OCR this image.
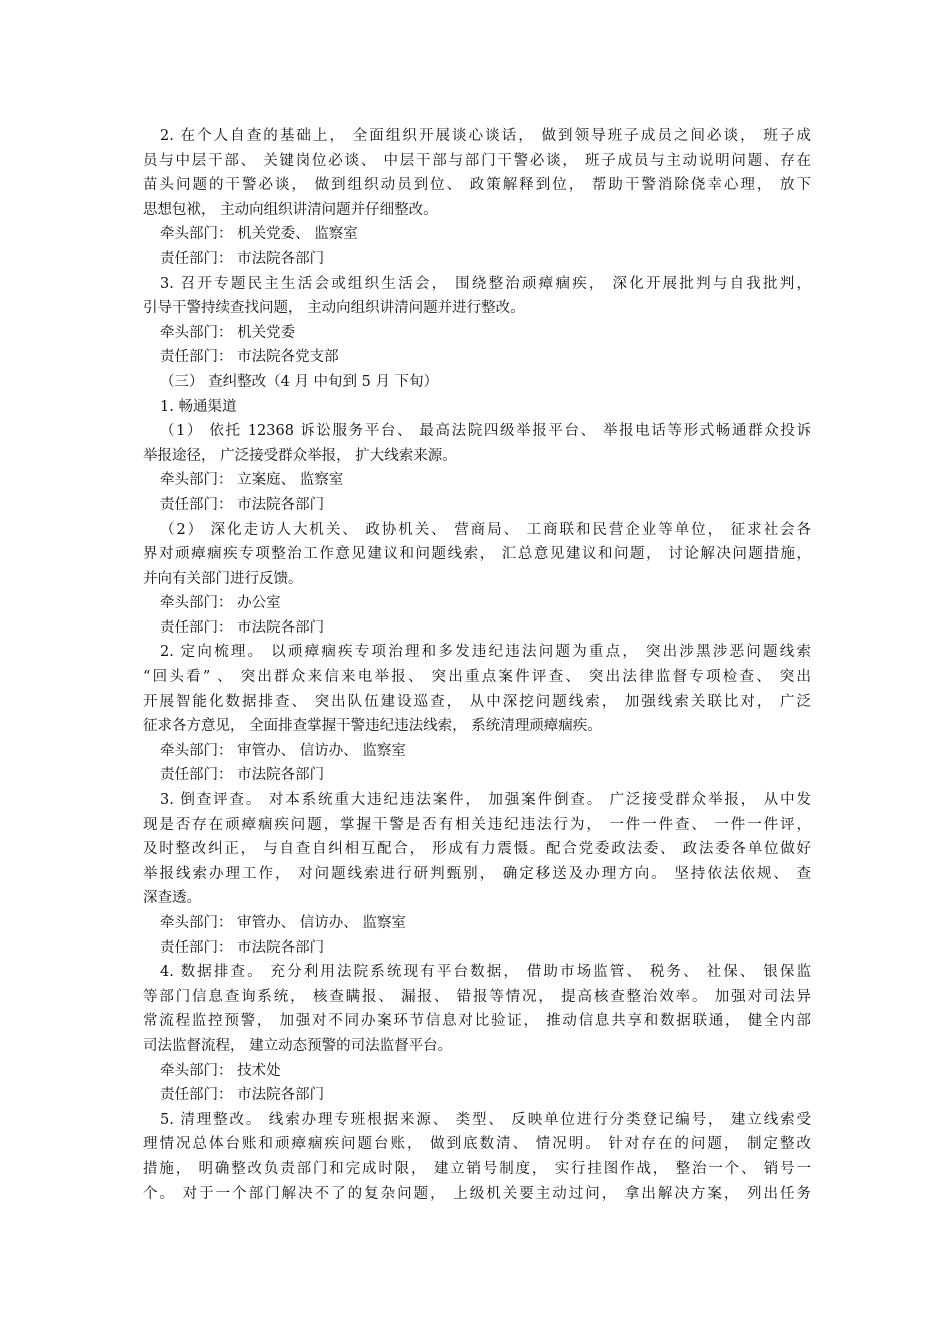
2. 在个人自查的基础上， 全面组织开展谈心谈话， 做到领导班子成员之间必谈， 班子成
员与中层干部、 关键岗位必谈、 中层干部与部门干警必谈， 班子成员与主动说明问题、存在
苗头问题的干警必谈， 做到组织动员到位、 政策解释到位， 帮助干警消除侥幸心理， 放下
思想包袱， 主动向组织讲清问题并仔细整改。
牵头部门： 机关党委、 监察室
责任部门： 市法院各部门
3. 召开专题民主生活会或组织生活会， 围绕整治顽瘴痼疾， 深化开展批判与自我批判，
引导干警持续查找问题， 主动向组织讲清问题并进行整改。
牵头部门： 机关党委
责任部门： 市法院各党支部
（三） 查纠整改（4 月 中旬到 5 月 下旬）
1. 畅通渠道
（1） 依托 12368 诉讼服务平台、 最高法院四级举报平台、 举报电话等形式畅通群众投诉
举报途径， 广泛接受群众举报， 扩大线索来源。
牵头部门： 立案庭、 监察室
责任部门： 市法院各部门
（2） 深化走访人大机关、 政协机关、 营商局、 工商联和民营企业等单位， 征求社会各
界对顽瘴痼疾专项整治工作意见建议和问题线索， 汇总意见建议和问题， 讨论解决问题措施，
并向有关部门进行反馈。
牵头部门： 办公室
责任部门： 市法院各部门
2. 定向梳理。 以顽瘴痼疾专项治理和多发违纪违法问题为重点， 突出涉黑涉恶问题线索
“回头看” 、 突出群众来信来电举报、 突出重点案件评查、 突出法律监督专项检查、 突出
开展智能化数据排查、 突出队伍建设巡查， 从中深挖问题线索， 加强线索关联比对， 广泛
征求各方意见， 全面排查掌握干警违纪违法线索， 系统清理顽瘴痼疾。
牵头部门： 审管办、 信访办、 监察室
责任部门： 市法院各部门
3. 倒查评查。 对本系统重大违纪违法案件， 加强案件倒查。 广泛接受群众举报， 从中发
现是否存在顽瘴痼疾问题，掌握干警是否有相关违纪违法行为， 一件一件查、 一件一件评，
及时整改纠正， 与自查自纠相互配合， 形成有力震慑。配合党委政法委、 政法委各单位做好
举报线索办理工作， 对问题线索进行研判甄别， 确定移送及办理方向。 坚持依法依规、 查
深查透。
牵头部门： 审管办、 信访办、 监察室
责任部门： 市法院各部门
4. 数据排查。 充分利用法院系统现有平台数据， 借助市场监管、 税务、 社保、 银保监
等部门信息查询系统， 核查瞒报、 漏报、 错报等情况， 提高核查整治效率。 加强对司法异
常流程监控预警， 加强对不同办案环节信息对比验证， 推动信息共享和数据联通， 健全内部
司法监督流程， 建立动态预警的司法监督平台。
牵头部门： 技术处
责任部门： 市法院各部门
5. 清理整改。 线索办理专班根据来源、 类型、 反映单位进行分类登记编号， 建立线索受
理情况总体台账和顽瘴痼疾问题台账， 做到底数清、 情况明。 针对存在的问题， 制定整改
措施， 明确整改负责部门和完成时限， 建立销号制度， 实行挂图作战， 整治一个、 销号一
个。 对于一个部门解决不了的复杂问题， 上级机关要主动过问， 拿出解决方案， 列出任务
